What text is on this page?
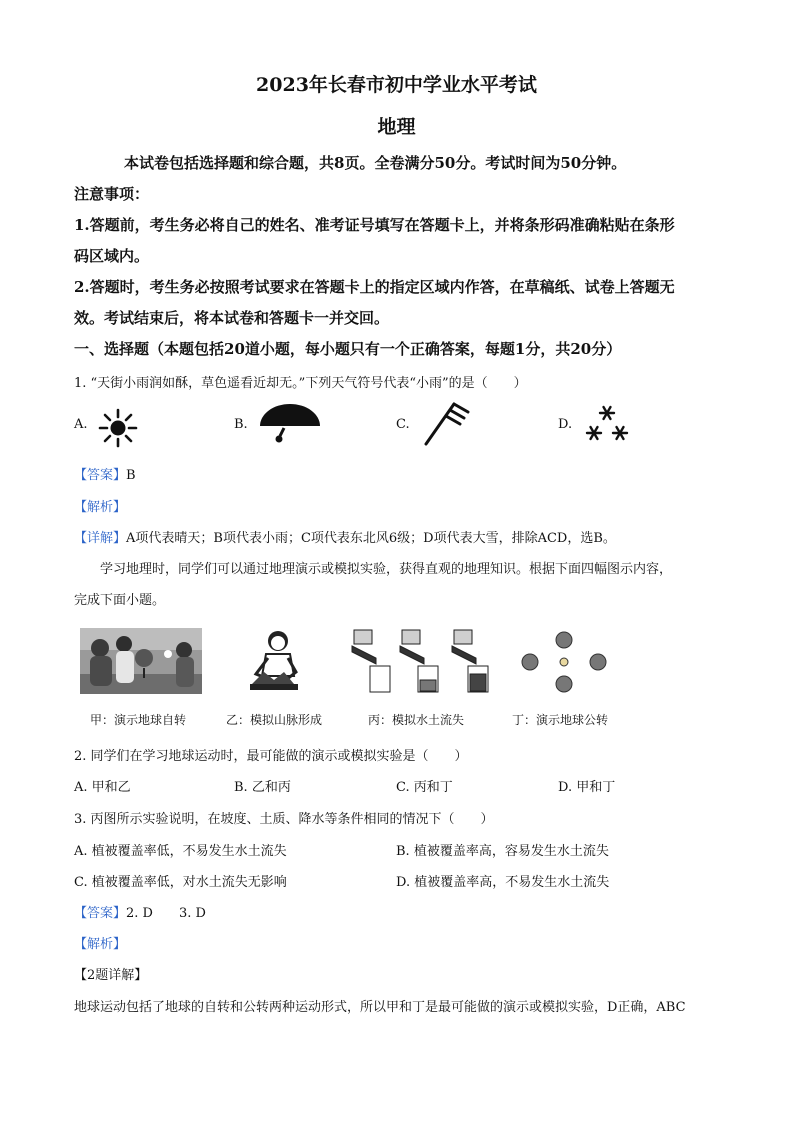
2023年长春市初中学业水平考试
地理
本试卷包括选择题和综合题，共8页。全卷满分50分。考试时间为50分钟。
注意事项：
1.答题前，考生务必将自己的姓名、准考证号填写在答题卡上，并将条形码准确粘贴在条形
码区域内。
2.答题时，考生务必按照考试要求在答题卡上的指定区域内作答，在草稿纸、试卷上答题无
效。考试结束后，将本试卷和答题卡一并交回。
一、选择题（本题包括20道小题，每小题只有一个正确答案，每题1分，共20分）
1. “天街小雨润如酥，草色遥看近却无。”下列天气符号代表“小雨”的是（　　）
A.	B.	C.	D.
【答案】B
【解析】
【详解】A项代表晴天；B项代表小雨；C项代表东北风6级；D项代表大雪，排除ACD，选B。
学习地理时，同学们可以通过地理演示或模拟实验，获得直观的地理知识。根据下面四幅图示内容，
完成下面小题。
甲：演示地球自转	乙：模拟山脉形成	丙：模拟水土流失	丁：演示地球公转
2. 同学们在学习地球运动时，最可能做的演示或模拟实验是（　　）
A. 甲和乙	B. 乙和丙	C. 丙和丁	D. 甲和丁
3. 丙图所示实验说明，在坡度、土质、降水等条件相同的情况下（　　）
A. 植被覆盖率低，不易发生水土流失	B. 植被覆盖率高，容易发生水土流失
C. 植被覆盖率低，对水土流失无影响	D. 植被覆盖率高，不易发生水土流失
【答案】2. D　　3. D
【解析】
【2题详解】
地球运动包括了地球的自转和公转两种运动形式，所以甲和丁是最可能做的演示或模拟实验，D正确，ABC
